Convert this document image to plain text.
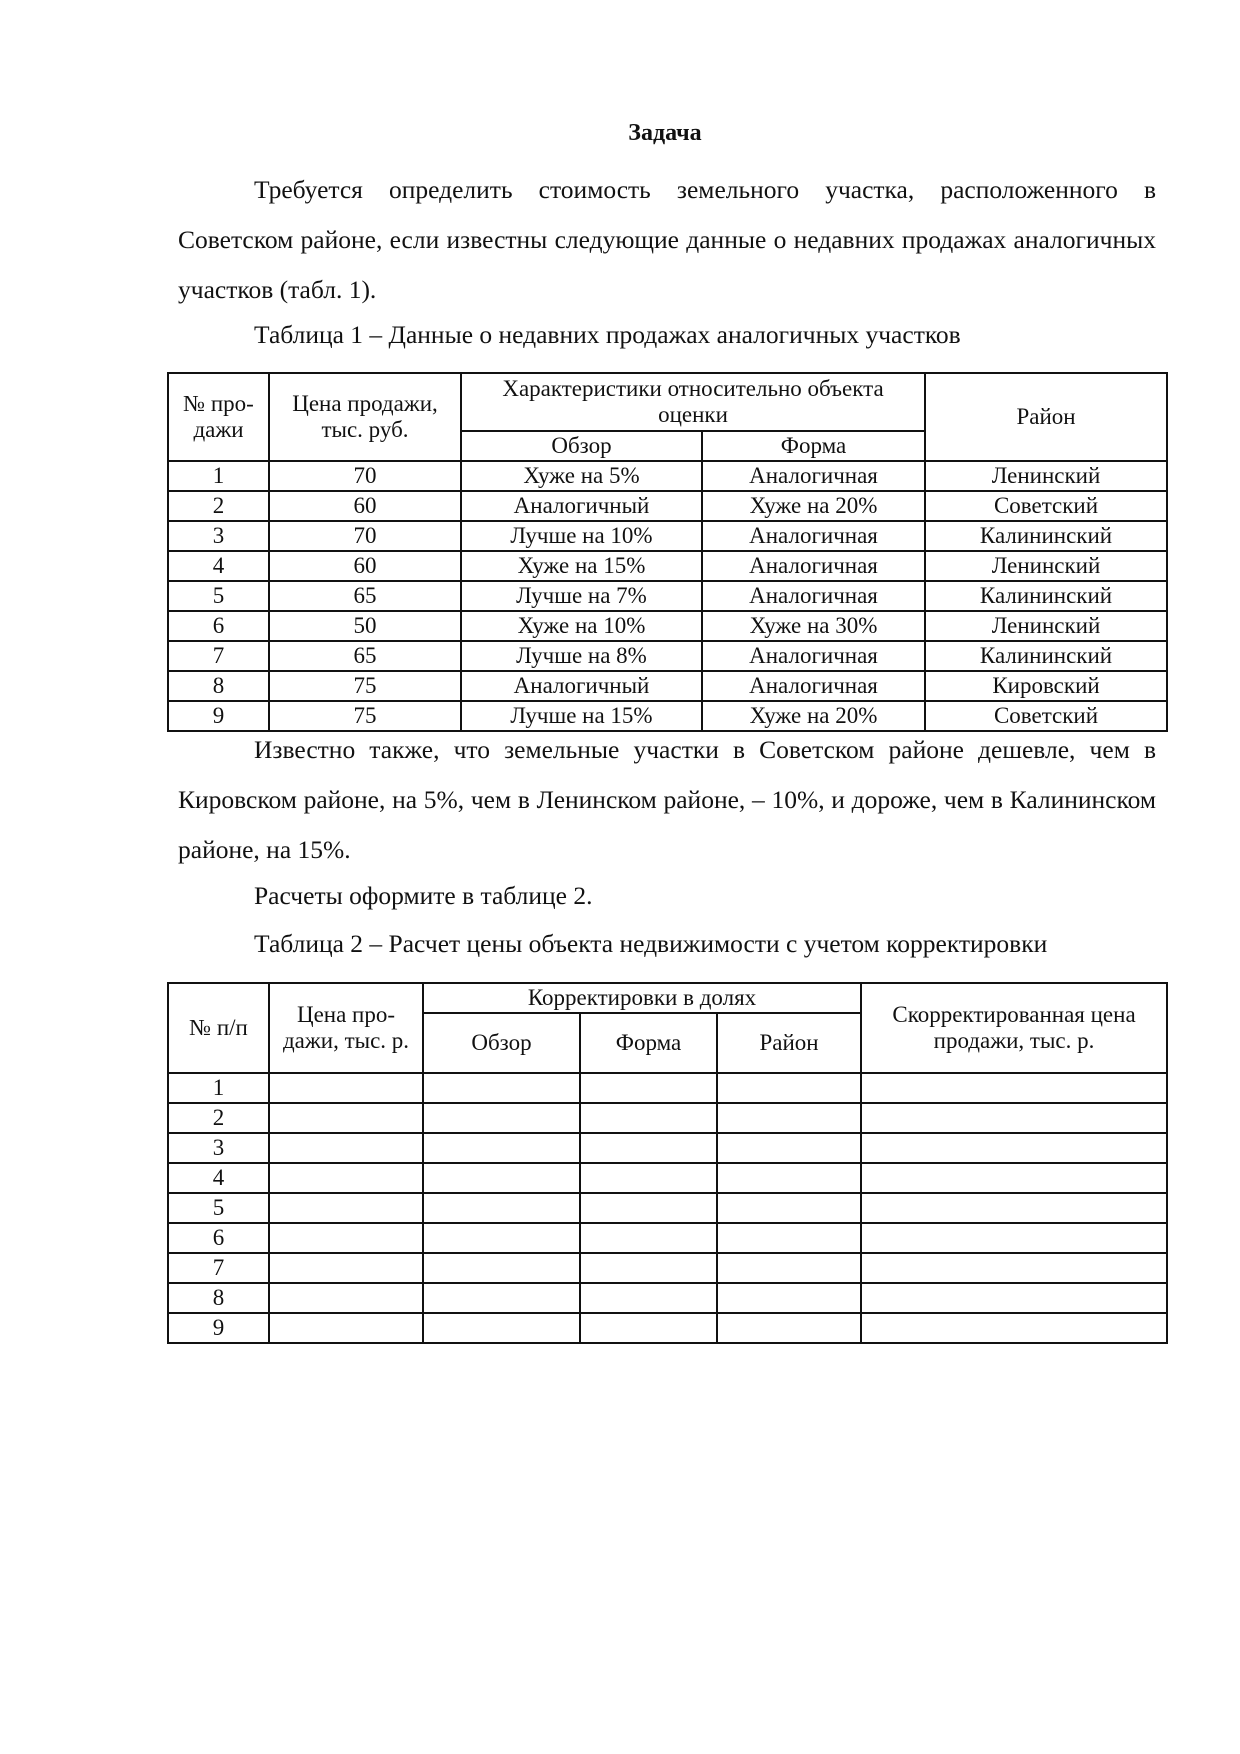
Задача

Требуется определить стоимость земельного участка, расположенного в Советском районе, если известны следующие данные о недавних продажах аналогичных участков (табл. 1).

Таблица 1 – Данные о недавних продажах аналогичных участков

№ про-дажи	Цена продажи, тыс. руб.	Характеристики относительно объекта оценки		Район
		Обзор	Форма	
1	70	Хуже на 5%	Аналогичная	Ленинский
2	60	Аналогичный	Хуже на 20%	Советский
3	70	Лучше на 10%	Аналогичная	Калининский
4	60	Хуже на 15%	Аналогичная	Ленинский
5	65	Лучше на 7%	Аналогичная	Калининский
6	50	Хуже на 10%	Хуже на 30%	Ленинский
7	65	Лучше на 8%	Аналогичная	Калининский
8	75	Аналогичный	Аналогичная	Кировский
9	75	Лучше на 15%	Хуже на 20%	Советский

Известно также, что земельные участки в Советском районе дешевле, чем в Кировском районе, на 5%, чем в Ленинском районе, – 10%, и дороже, чем в Калининском районе, на 15%.

Расчеты оформите в таблице 2.

Таблица 2 – Расчет цены объекта недвижимости с учетом корректировки

№ п/п	Цена про-дажи, тыс. р.	Корректировки в долях			Скорректированная цена продажи, тыс. р.
		Обзор	Форма	Район	
1					
2					
3					
4					
5					
6					
7					
8					
9					
